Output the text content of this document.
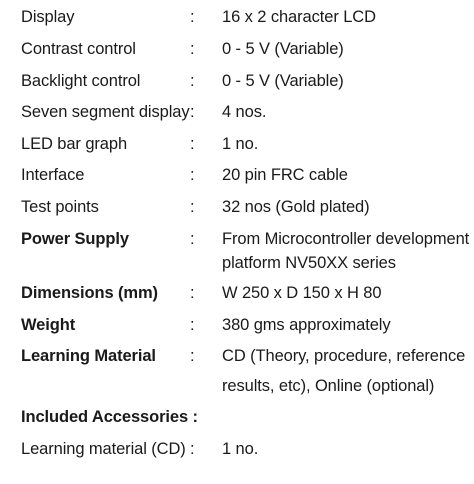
Display	: 16 x 2 character LCD
Contrast control	: 0 - 5 V (Variable)
Backlight control	: 0 - 5 V (Variable)
Seven segment display : 4 nos.
LED bar graph	: 1 no.
Interface	: 20 pin FRC cable
Test points	: 32 nos (Gold plated)
Power Supply	: From Microcontroller development
platform NV50XX series
Dimensions (mm) : W 250 x D 150 x H 80
Weight	: 380 gms approximately
Learning Material : CD (Theory, procedure, reference
results, etc), Online (optional)
Included Accessories :
Learning material (CD) : 1 no.
